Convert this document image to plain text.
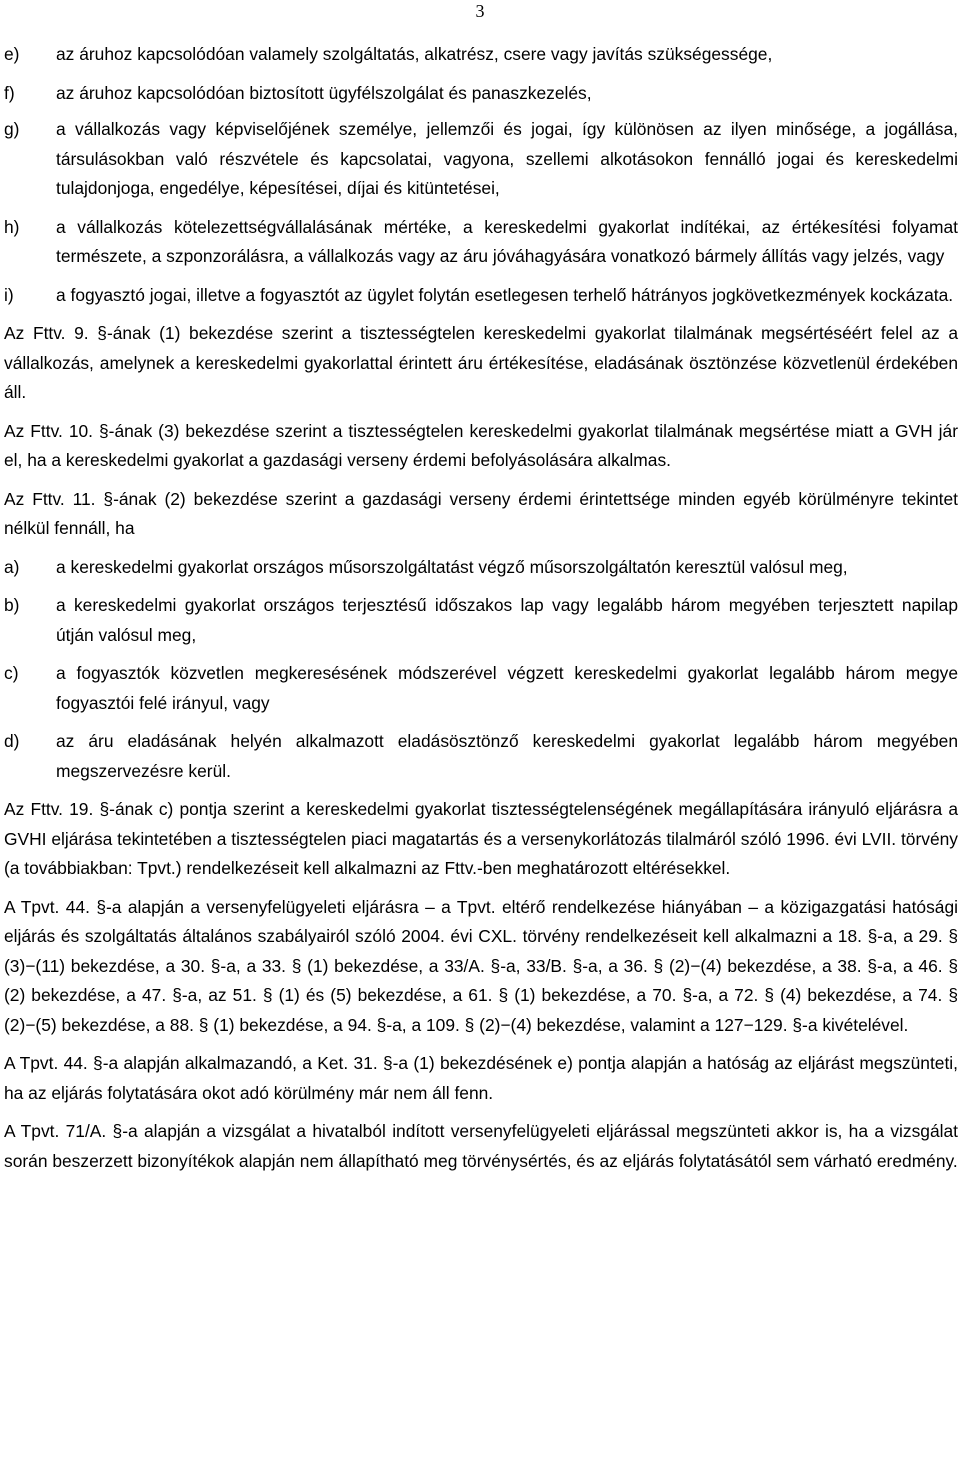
3
e)	az áruhoz kapcsolódóan valamely szolgáltatás, alkatrész, csere vagy javítás szükségessége,
f)	az áruhoz kapcsolódóan biztosított ügyfélszolgálat és panaszkezelés,
g)	a vállalkozás vagy képviselőjének személye, jellemzői és jogai, így különösen az ilyen minősége, a jogállása, társulásokban való részvétele és kapcsolatai, vagyona, szellemi alkotásokon fennálló jogai és kereskedelmi tulajdonjoga, engedélye, képesítései, díjai és kitüntetései,
h)	a vállalkozás kötelezettségvállalásának mértéke, a kereskedelmi gyakorlat indítékai, az értékesítési folyamat természete, a szponzorálásra, a vállalkozás vagy az áru jóváhagyására vonatkozó bármely állítás vagy jelzés, vagy
i)	a fogyasztó jogai, illetve a fogyasztót az ügylet folytán esetlegesen terhelő hátrányos jogkövetkezmények kockázata.

Az Fttv. 9. §-ának (1) bekezdése szerint a tisztességtelen kereskedelmi gyakorlat tilalmának megsértéséért felel az a vállalkozás, amelynek a kereskedelmi gyakorlattal érintett áru értékesítése, eladásának ösztönzése közvetlenül érdekében áll.

Az Fttv. 10. §-ának (3) bekezdése szerint a tisztességtelen kereskedelmi gyakorlat tilalmának megsértése miatt a GVH jár el, ha a kereskedelmi gyakorlat a gazdasági verseny érdemi befolyásolására alkalmas.

Az Fttv. 11. §-ának (2) bekezdése szerint a gazdasági verseny érdemi érintettsége minden egyéb körülményre tekintet nélkül fennáll, ha

a)	a kereskedelmi gyakorlat országos műsorszolgáltatást végző műsorszolgáltatón keresztül valósul meg,
b)	a kereskedelmi gyakorlat országos terjesztésű időszakos lap vagy legalább három megyében terjesztett napilap útján valósul meg,
c)	a fogyasztók közvetlen megkeresésének módszerével végzett kereskedelmi gyakorlat legalább három megye fogyasztói felé irányul, vagy
d)	az áru eladásának helyén alkalmazott eladásösztönző kereskedelmi gyakorlat legalább három megyében megszervezésre kerül.

Az Fttv. 19. §-ának c) pontja szerint a kereskedelmi gyakorlat tisztességtelenségének megállapítására irányuló eljárásra a GVHI eljárása tekintetében a tisztességtelen piaci magatartás és a versenykorlátozás tilalmáról szóló 1996. évi LVII. törvény (a továbbiakban: Tpvt.) rendelkezéseit kell alkalmazni az Fttv.-ben meghatározott eltérésekkel.

A Tpvt. 44. §-a alapján a versenyfelügyeleti eljárásra – a Tpvt. eltérő rendelkezése hiányában – a közigazgatási hatósági eljárás és szolgáltatás általános szabályairól szóló 2004. évi CXL. törvény rendelkezéseit kell alkalmazni a 18. §-a, a 29. § (3)−(11) bekezdése, a 30. §-a, a 33. § (1) bekezdése, a 33/A. §-a, 33/B. §-a, a 36. § (2)−(4) bekezdése, a 38. §-a, a 46. § (2) bekezdése, a 47. §-a, az 51. § (1) és (5) bekezdése, a 61. § (1) bekezdése, a 70. §-a, a 72. § (4) bekezdése, a 74. § (2)−(5) bekezdése, a 88. § (1) bekezdése, a 94. §-a, a 109. § (2)−(4) bekezdése, valamint a 127−129. §-a kivételével.

A Tpvt. 44. §-a alapján alkalmazandó, a Ket. 31. §-a (1) bekezdésének e) pontja alapján a hatóság az eljárást megszünteti, ha az eljárás folytatására okot adó körülmény már nem áll fenn.

A Tpvt. 71/A. §-a alapján a vizsgálat a hivatalból indított versenyfelügyeleti eljárással megszünteti akkor is, ha a vizsgálat során beszerzett bizonyítékok alapján nem állapítható meg törvénysértés, és az eljárás folytatásától sem várható eredmény.
